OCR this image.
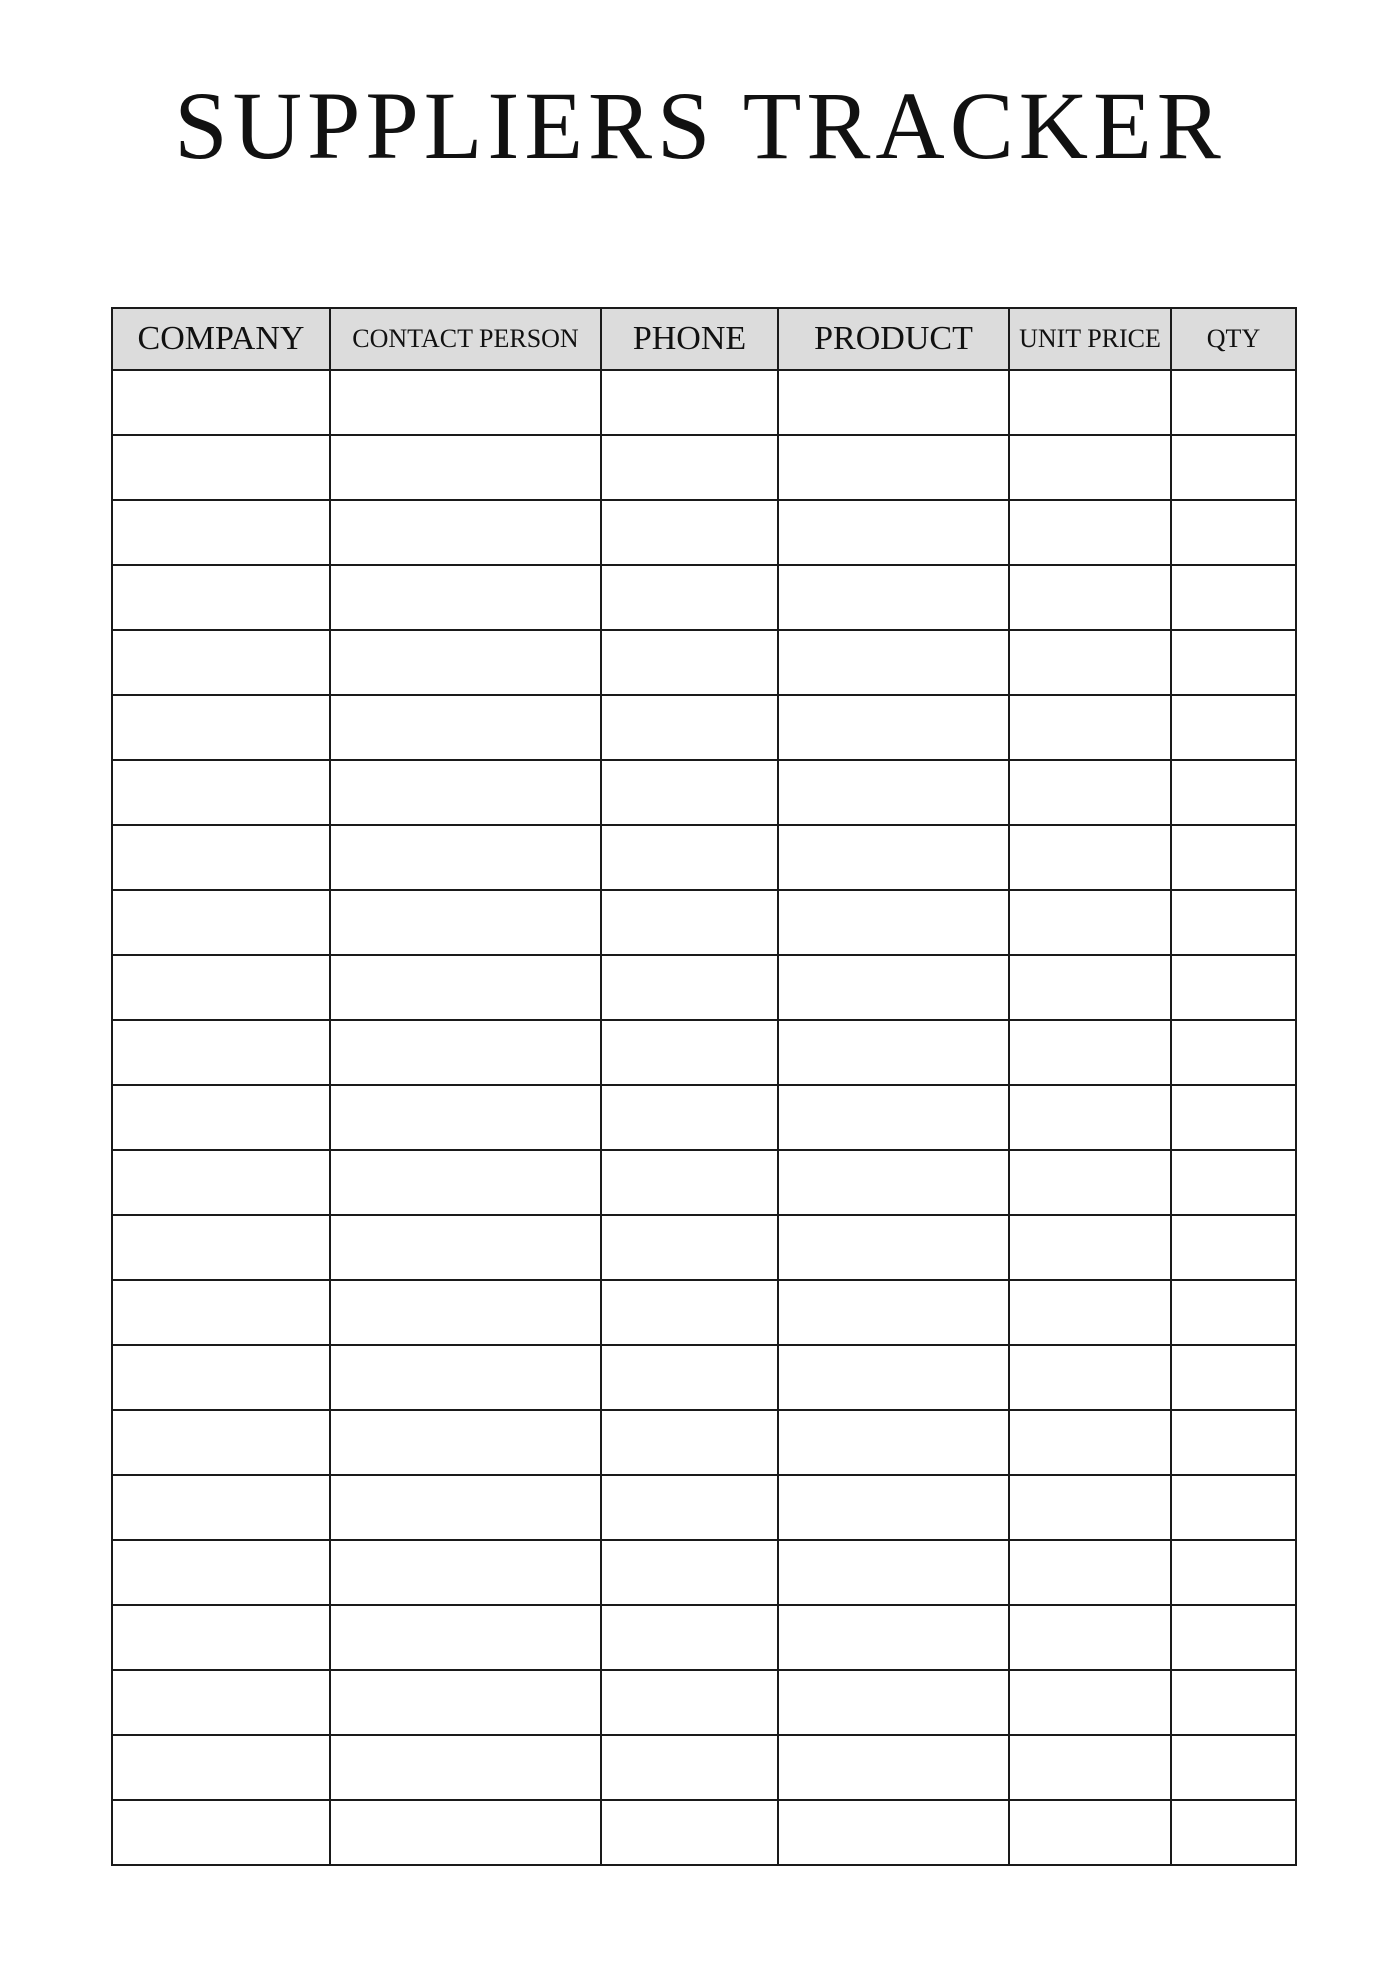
SUPPLIERS TRACKER
COMPANY	CONTACT PERSON	PHONE	PRODUCT	UNIT PRICE	QTY
